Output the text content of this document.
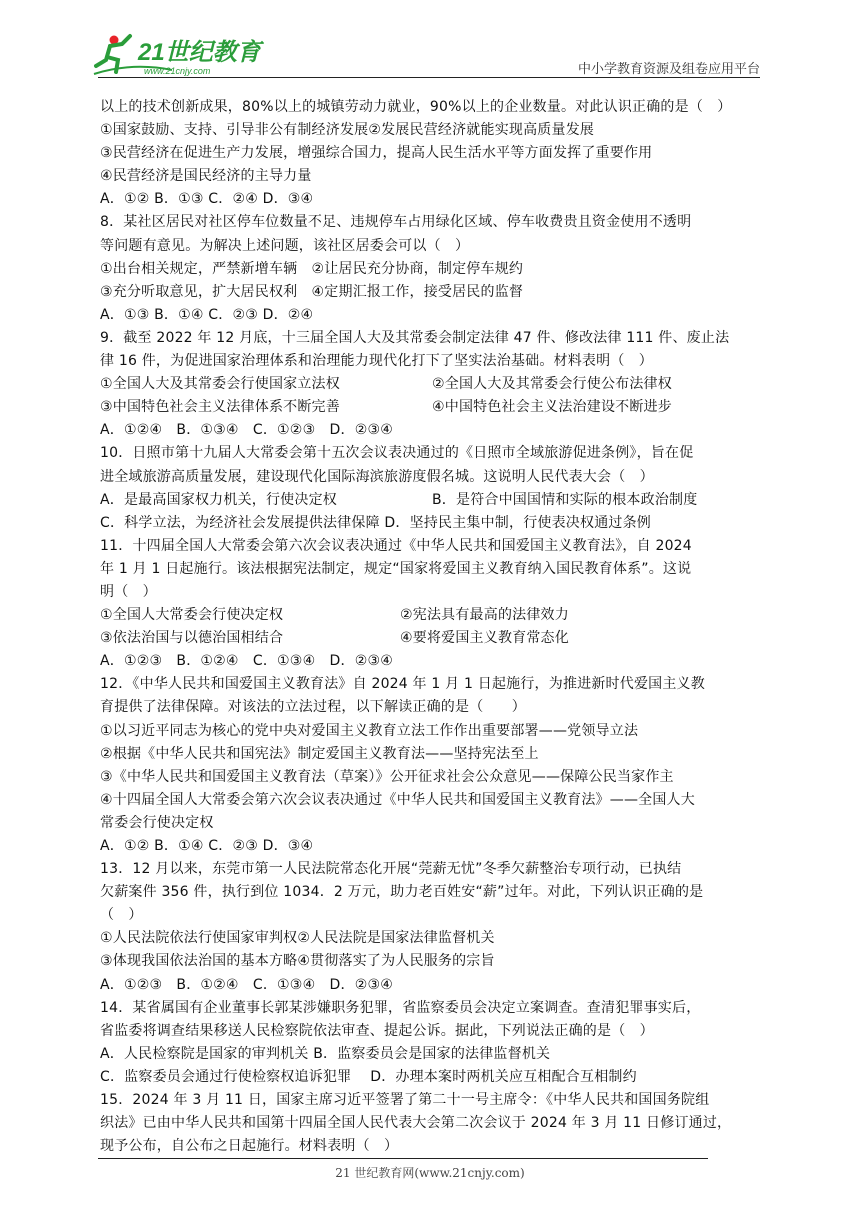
21世纪教育
www.21cnjy.com	中小学教育资源及组卷应用平台
以上的技术创新成果，80%以上的城镇劳动力就业，90%以上的企业数量。对此认识正确的是（　）
①国家鼓励、支持、引导非公有制经济发展②发展民营经济就能实现高质量发展
③民营经济在促进生产力发展，增强综合国力，提高人民生活水平等方面发挥了重要作用
④民营经济是国民经济的主导力量
A．①② B．①③ C．②④ D．③④
8．某社区居民对社区停车位数量不足、违规停车占用绿化区域、停车收费贵且资金使用不透明
等问题有意见。为解决上述问题，该社区居委会可以（　）
①出台相关规定，严禁新增车辆　②让居民充分协商，制定停车规约
③充分听取意见，扩大居民权利　④定期汇报工作，接受居民的监督
A．①③ B．①④ C．②③ D．②④
9．截至 2022 年 12 月底，十三届全国人大及其常委会制定法律 47 件、修改法律 111 件、废止法
律 16 件，为促进国家治理体系和治理能力现代化打下了坚实法治基础。材料表明（　）
①全国人大及其常委会行使国家立法权	②全国人大及其常委会行使公布法律权
③中国特色社会主义法律体系不断完善	④中国特色社会主义法治建设不断进步
A．①②④　B．①③④　C．①②③　D．②③④
10．日照市第十九届人大常委会第十五次会议表决通过的《日照市全域旅游促进条例》，旨在促
进全域旅游高质量发展，建设现代化国际海滨旅游度假名城。这说明人民代表大会（　）
A．是最高国家权力机关，行使决定权	B．是符合中国国情和实际的根本政治制度
C．科学立法，为经济社会发展提供法律保障 D．坚持民主集中制，行使表决权通过条例
11．十四届全国人大常委会第六次会议表决通过《中华人民共和国爱国主义教育法》，自 2024
年 1 月 1 日起施行。该法根据宪法制定，规定“国家将爱国主义教育纳入国民教育体系”。这说
明（　）
①全国人大常委会行使决定权	②宪法具有最高的法律效力
③依法治国与以德治国相结合	④要将爱国主义教育常态化
A．①②③　B．①②④　C．①③④　D．②③④
12．《中华人民共和国爱国主义教育法》自 2024 年 1 月 1 日起施行，为推进新时代爱国主义教
育提供了法律保障。对该法的立法过程，以下解读正确的是（　　）
①以习近平同志为核心的党中央对爱国主义教育立法工作作出重要部署——党领导立法
②根据《中华人民共和国宪法》制定爱国主义教育法——坚持宪法至上
③《中华人民共和国爱国主义教育法（草案）》公开征求社会公众意见——保障公民当家作主
④十四届全国人大常委会第六次会议表决通过《中华人民共和国爱国主义教育法》——全国人大
常委会行使决定权
A．①② B．①④ C．②③ D．③④
13．12 月以来，东莞市第一人民法院常态化开展“莞薪无忧”冬季欠薪整治专项行动，已执结
欠薪案件 356 件，执行到位 1034．2 万元，助力老百姓安“薪”过年。对此，下列认识正确的是
（　）
①人民法院依法行使国家审判权②人民法院是国家法律监督机关
③体现我国依法治国的基本方略④贯彻落实了为人民服务的宗旨
A．①②③　B．①②④　C．①③④　D．②③④
14．某省属国有企业董事长郭某涉嫌职务犯罪，省监察委员会决定立案调查。查清犯罪事实后，
省监委将调查结果移送人民检察院依法审查、提起公诉。据此，下列说法正确的是（　）
A．人民检察院是国家的审判机关 B．监察委员会是国家的法律监督机关
C．监察委员会通过行使检察权追诉犯罪　 D．办理本案时两机关应互相配合互相制约
15．2024 年 3 月 11 日，国家主席习近平签署了第二十一号主席令：《中华人民共和国国务院组
织法》已由中华人民共和国第十四届全国人民代表大会第二次会议于 2024 年 3 月 11 日修订通过，
现予公布，自公布之日起施行。材料表明（　）
21 世纪教育网(www.21cnjy.com)
